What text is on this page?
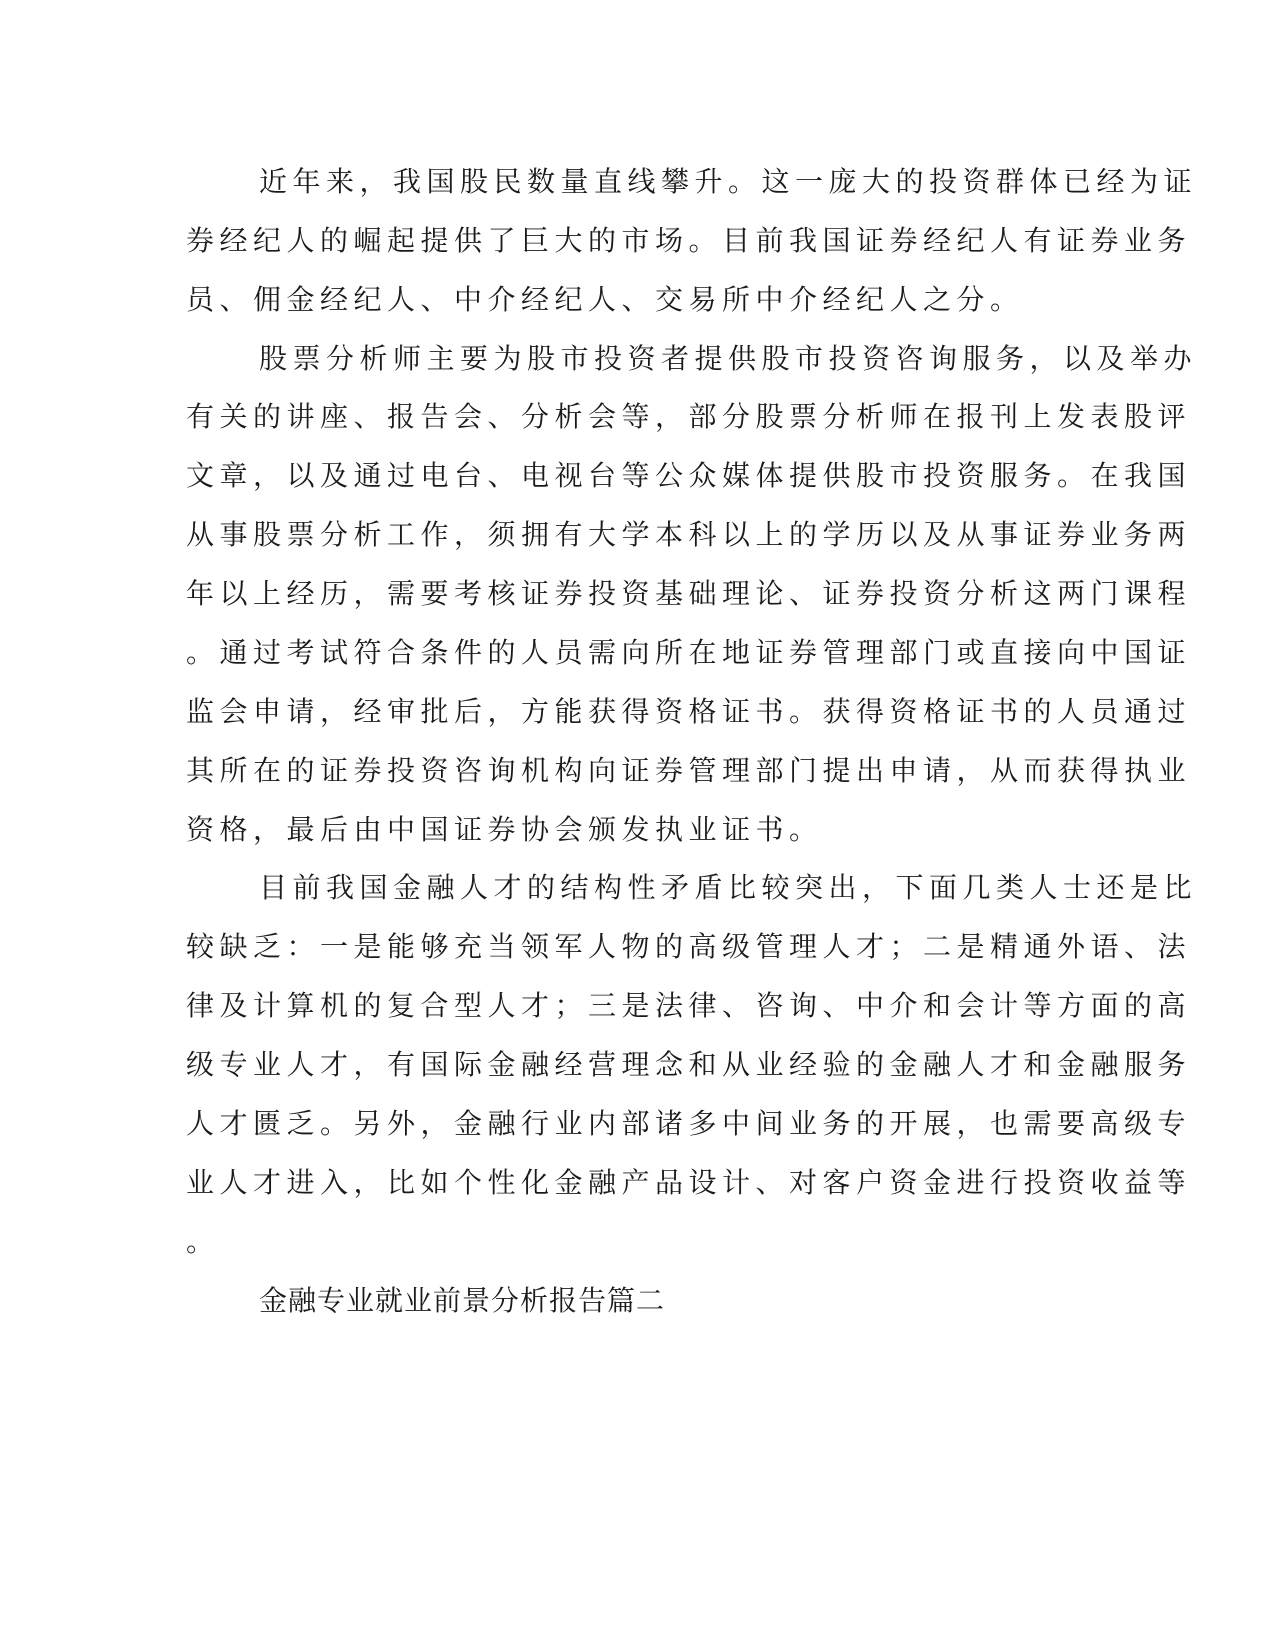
近年来，我国股民数量直线攀升。这一庞大的投资群体已经为证
券经纪人的崛起提供了巨大的市场。目前我国证券经纪人有证券业务
员、佣金经纪人、中介经纪人、交易所中介经纪人之分。
股票分析师主要为股市投资者提供股市投资咨询服务，以及举办
有关的讲座、报告会、分析会等，部分股票分析师在报刊上发表股评
文章，以及通过电台、电视台等公众媒体提供股市投资服务。在我国
从事股票分析工作，须拥有大学本科以上的学历以及从事证券业务两
年以上经历，需要考核证券投资基础理论、证券投资分析这两门课程
。通过考试符合条件的人员需向所在地证券管理部门或直接向中国证
监会申请，经审批后，方能获得资格证书。获得资格证书的人员通过
其所在的证券投资咨询机构向证券管理部门提出申请，从而获得执业
资格，最后由中国证券协会颁发执业证书。
目前我国金融人才的结构性矛盾比较突出，下面几类人士还是比
较缺乏：一是能够充当领军人物的高级管理人才；二是精通外语、法
律及计算机的复合型人才；三是法律、咨询、中介和会计等方面的高
级专业人才，有国际金融经营理念和从业经验的金融人才和金融服务
人才匮乏。另外，金融行业内部诸多中间业务的开展，也需要高级专
业人才进入，比如个性化金融产品设计、对客户资金进行投资收益等
。
金融专业就业前景分析报告篇二
